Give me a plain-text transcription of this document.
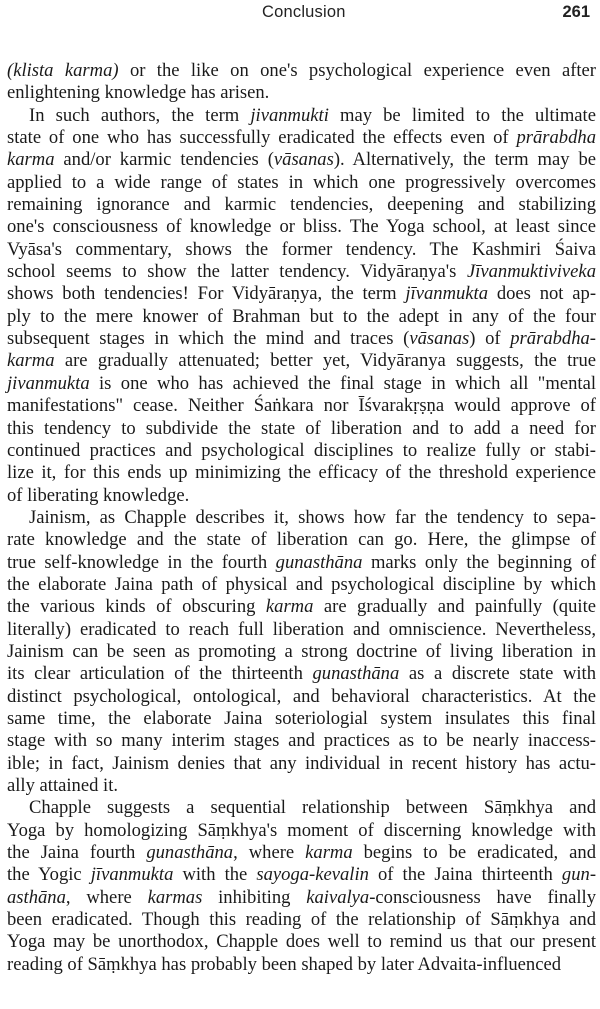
Conclusion	261
(klista karma) or the like on one's psychological experience even after
enlightening knowledge has arisen.
In such authors, the term jivanmukti may be limited to the ultimate
state of one who has successfully eradicated the effects even of prārabdha
karma and/or karmic tendencies (vāsanas). Alternatively, the term may be
applied to a wide range of states in which one progressively overcomes
remaining ignorance and karmic tendencies, deepening and stabilizing
one's consciousness of knowledge or bliss. The Yoga school, at least since
Vyāsa's commentary, shows the former tendency. The Kashmiri Śaiva
school seems to show the latter tendency. Vidyāraṇya's Jīvanmuktiviveka
shows both tendencies! For Vidyāraṇya, the term jīvanmukta does not ap-
ply to the mere knower of Brahman but to the adept in any of the four
subsequent stages in which the mind and traces (vāsanas) of prārabdha-
karma are gradually attenuated; better yet, Vidyāranya suggests, the true
jivanmukta is one who has achieved the final stage in which all "mental
manifestations" cease. Neither Śaṅkara nor Īśvarakṛṣṇa would approve of
this tendency to subdivide the state of liberation and to add a need for
continued practices and psychological disciplines to realize fully or stabi-
lize it, for this ends up minimizing the efficacy of the threshold experience
of liberating knowledge.
Jainism, as Chapple describes it, shows how far the tendency to sepa-
rate knowledge and the state of liberation can go. Here, the glimpse of
true self-knowledge in the fourth gunasthāna marks only the beginning of
the elaborate Jaina path of physical and psychological discipline by which
the various kinds of obscuring karma are gradually and painfully (quite
literally) eradicated to reach full liberation and omniscience. Nevertheless,
Jainism can be seen as promoting a strong doctrine of living liberation in
its clear articulation of the thirteenth gunasthāna as a discrete state with
distinct psychological, ontological, and behavioral characteristics. At the
same time, the elaborate Jaina soteriologial system insulates this final
stage with so many interim stages and practices as to be nearly inaccess-
ible; in fact, Jainism denies that any individual in recent history has actu-
ally attained it.
Chapple suggests a sequential relationship between Sāṃkhya and
Yoga by homologizing Sāṃkhya's moment of discerning knowledge with
the Jaina fourth gunasthāna, where karma begins to be eradicated, and
the Yogic jīvanmukta with the sayoga-kevalin of the Jaina thirteenth gun-
asthāna, where karmas inhibiting kaivalya-consciousness have finally
been eradicated. Though this reading of the relationship of Sāṃkhya and
Yoga may be unorthodox, Chapple does well to remind us that our present
reading of Sāṃkhya has probably been shaped by later Advaita-influenced
